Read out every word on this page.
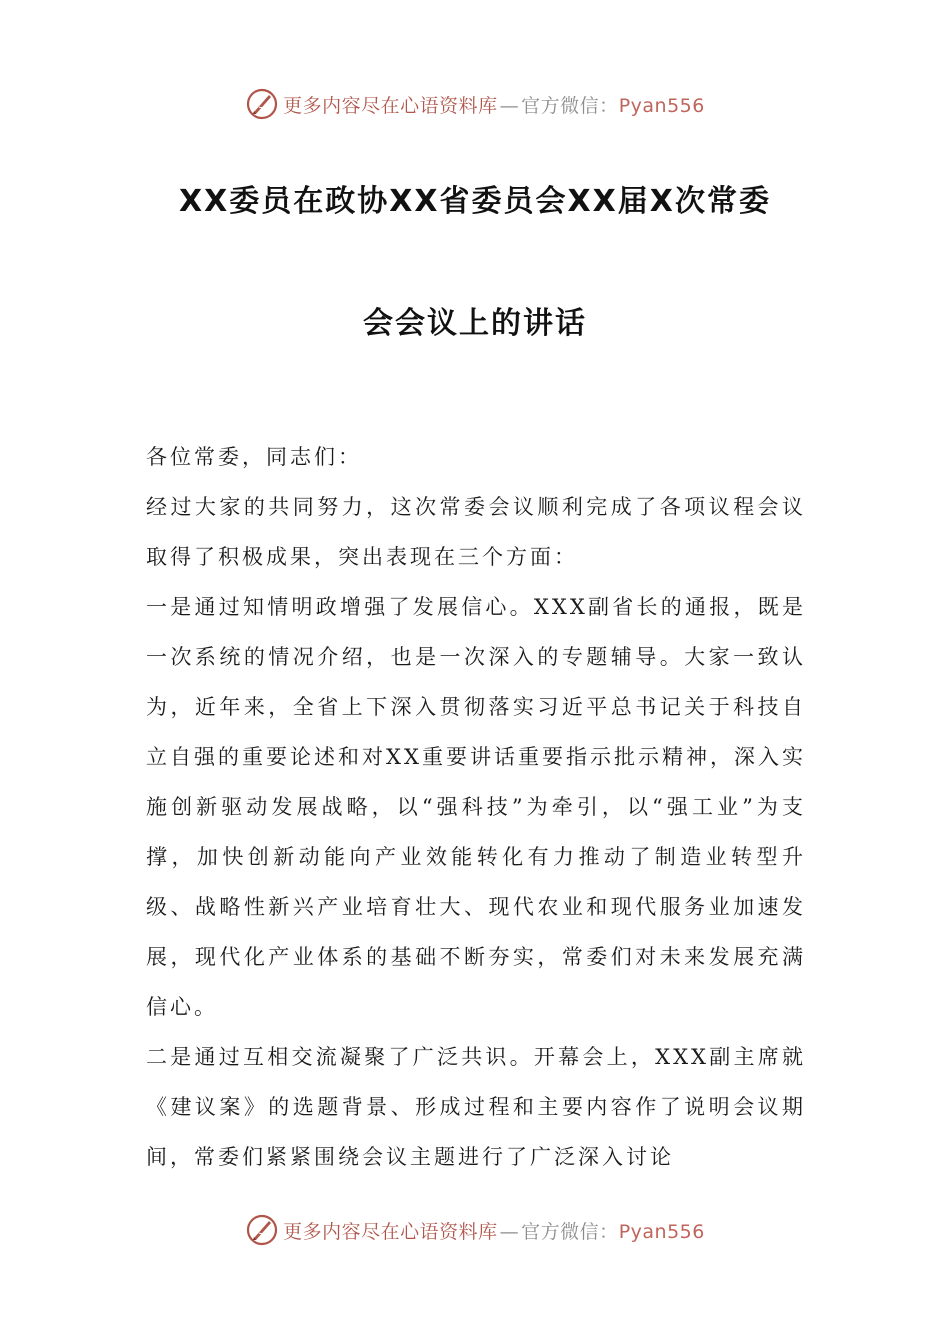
更多内容尽在心语资料库 — 官方微信： Pyan556
XX委员在政协XX省委员会XX届X次常委
会会议上的讲话

各位常委，同志们：

经过大家的共同努力，这次常委会议顺利完成了各项议程会议取得了积极成果，突出表现在三个方面：

一是通过知情明政增强了发展信心。XXX副省长的通报，既是一次系统的情况介绍，也是一次深入的专题辅导。大家一致认为，近年来，全省上下深入贯彻落实习近平总书记关于科技自立自强的重要论述和对XX重要讲话重要指示批示精神，深入实施创新驱动发展战略，以“强科技”为牵引，以“强工业”为支撑，加快创新动能向产业效能转化有力推动了制造业转型升级、战略性新兴产业培育壮大、现代农业和现代服务业加速发展，现代化产业体系的基础不断夯实，常委们对未来发展充满信心。

二是通过互相交流凝聚了广泛共识。开幕会上，XXX副主席就《建议案》的选题背景、形成过程和主要内容作了说明会议期间，常委们紧紧围绕会议主题进行了广泛深入讨论

更多内容尽在心语资料库 — 官方微信： Pyan556
